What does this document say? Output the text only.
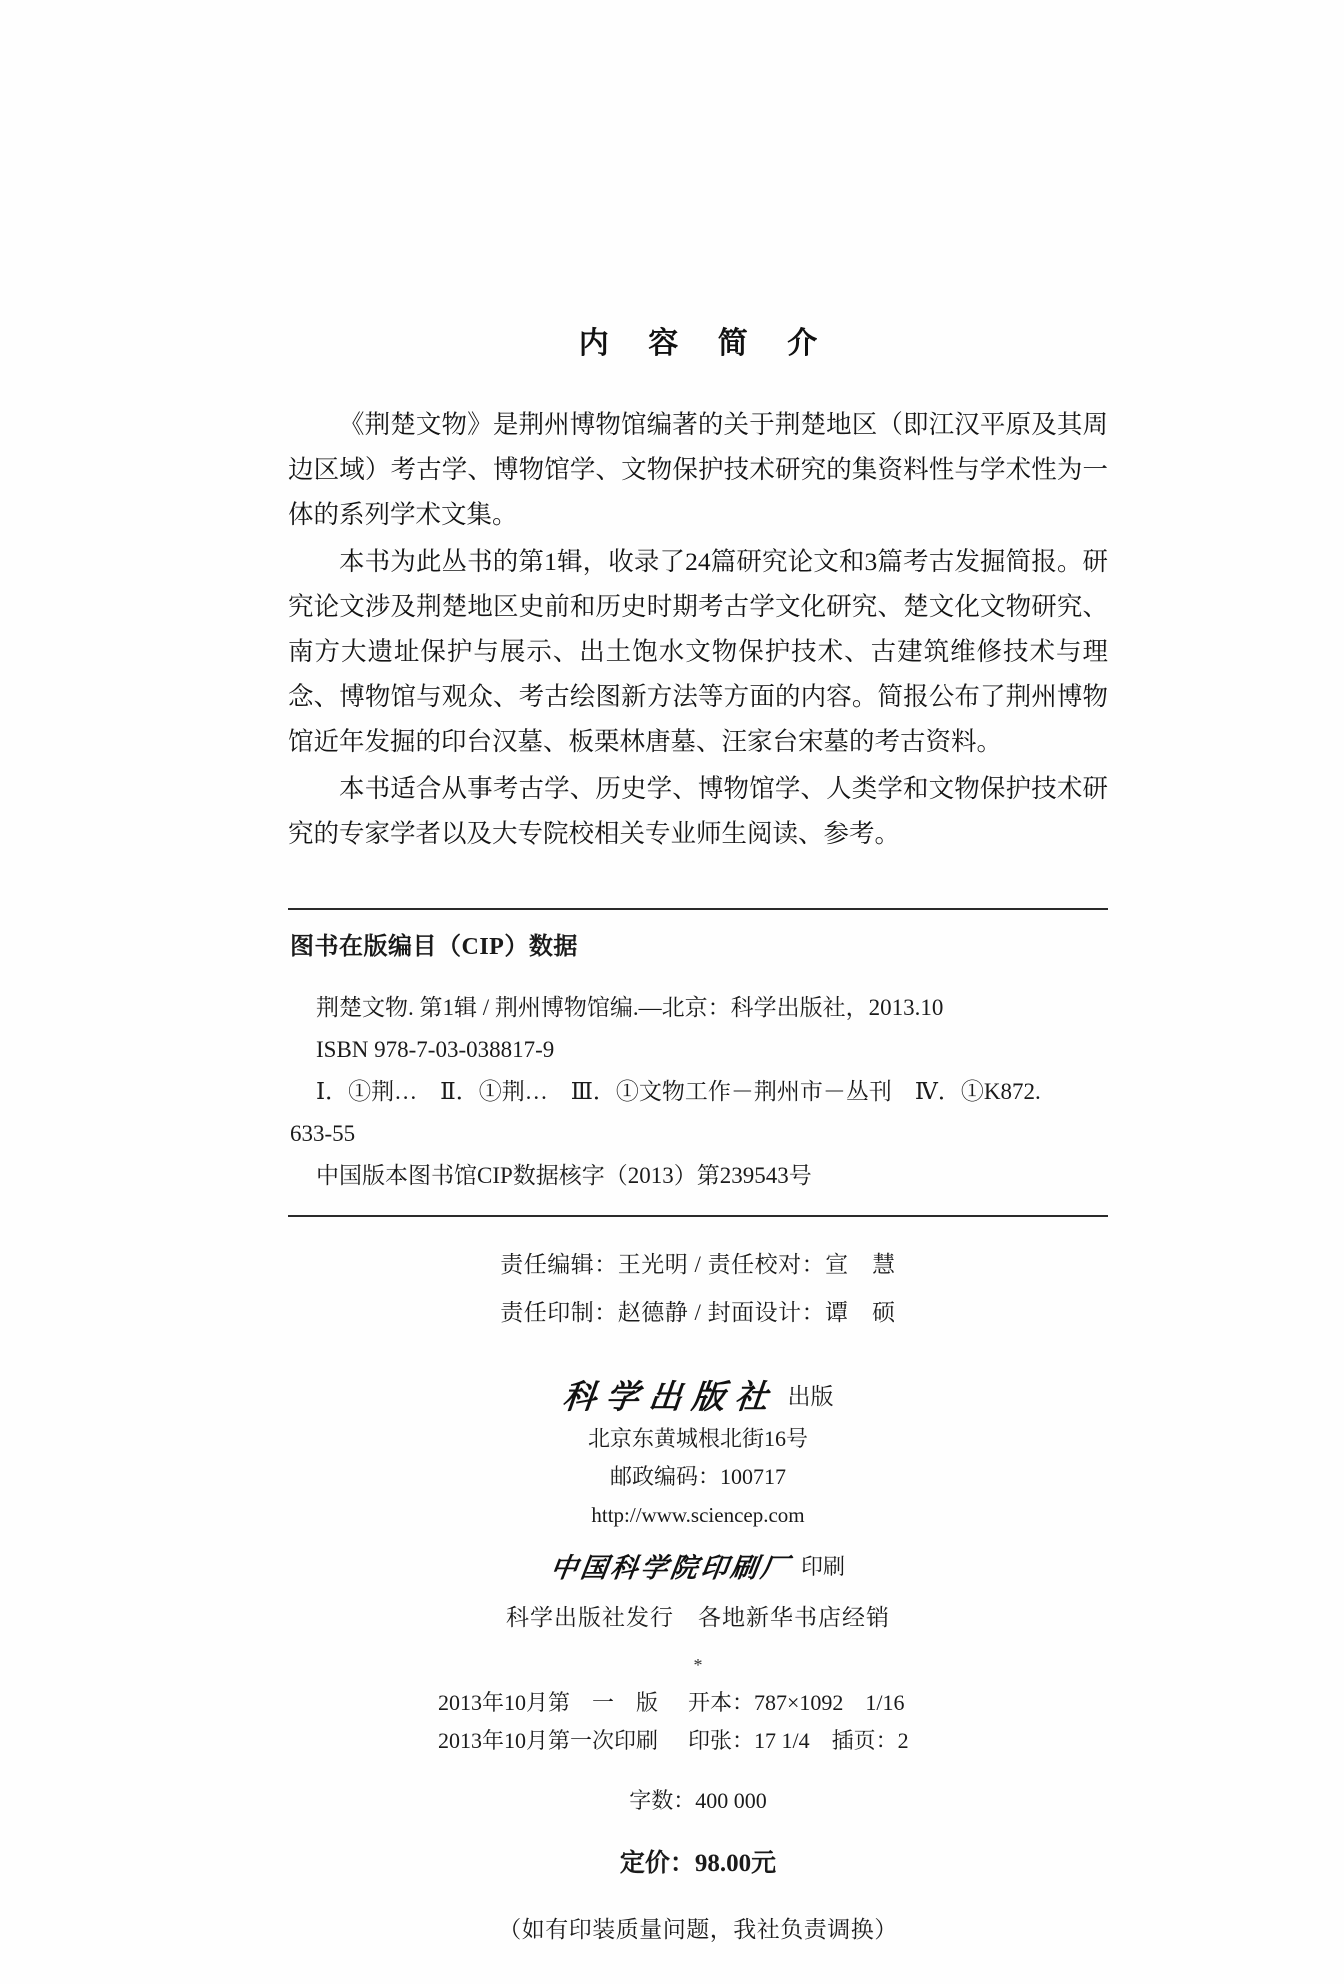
内 容 简 介

《荆楚文物》是荆州博物馆编著的关于荆楚地区（即江汉平原及其周边区域）考古学、博物馆学、文物保护技术研究的集资料性与学术性为一体的系列学术文集。

本书为此丛书的第1辑，收录了24篇研究论文和3篇考古发掘简报。研究论文涉及荆楚地区史前和历史时期考古学文化研究、楚文化文物研究、南方大遗址保护与展示、出土饱水文物保护技术、古建筑维修技术与理念、博物馆与观众、考古绘图新方法等方面的内容。简报公布了荆州博物馆近年发掘的印台汉墓、板栗林唐墓、汪家台宋墓的考古资料。

本书适合从事考古学、历史学、博物馆学、人类学和文物保护技术研究的专家学者以及大专院校相关专业师生阅读、参考。

图书在版编目（CIP）数据

荆楚文物. 第1辑 / 荆州博物馆编.—北京：科学出版社，2013.10

ISBN 978-7-03-038817-9

Ⅰ．①荆…　Ⅱ．①荆…　Ⅲ．①文物工作－荆州市－丛刊　Ⅳ．①K872.

633-55

中国版本图书馆CIP数据核字（2013）第239543号

责任编辑：王光明 / 责任校对：宣　慧

责任印制：赵德静 / 封面设计：谭　硕

科学出版社 出版

北京东黄城根北街16号

邮政编码：100717

http://www.sciencep.com

中国科学院印刷厂 印刷

科学出版社发行　各地新华书店经销

*

2013年10月第　一　版	开本：787×1092　1/16
2013年10月第一次印刷	印张：17 1/4　插页：2

字数：400 000

定价：98.00元

（如有印装质量问题，我社负责调换）
